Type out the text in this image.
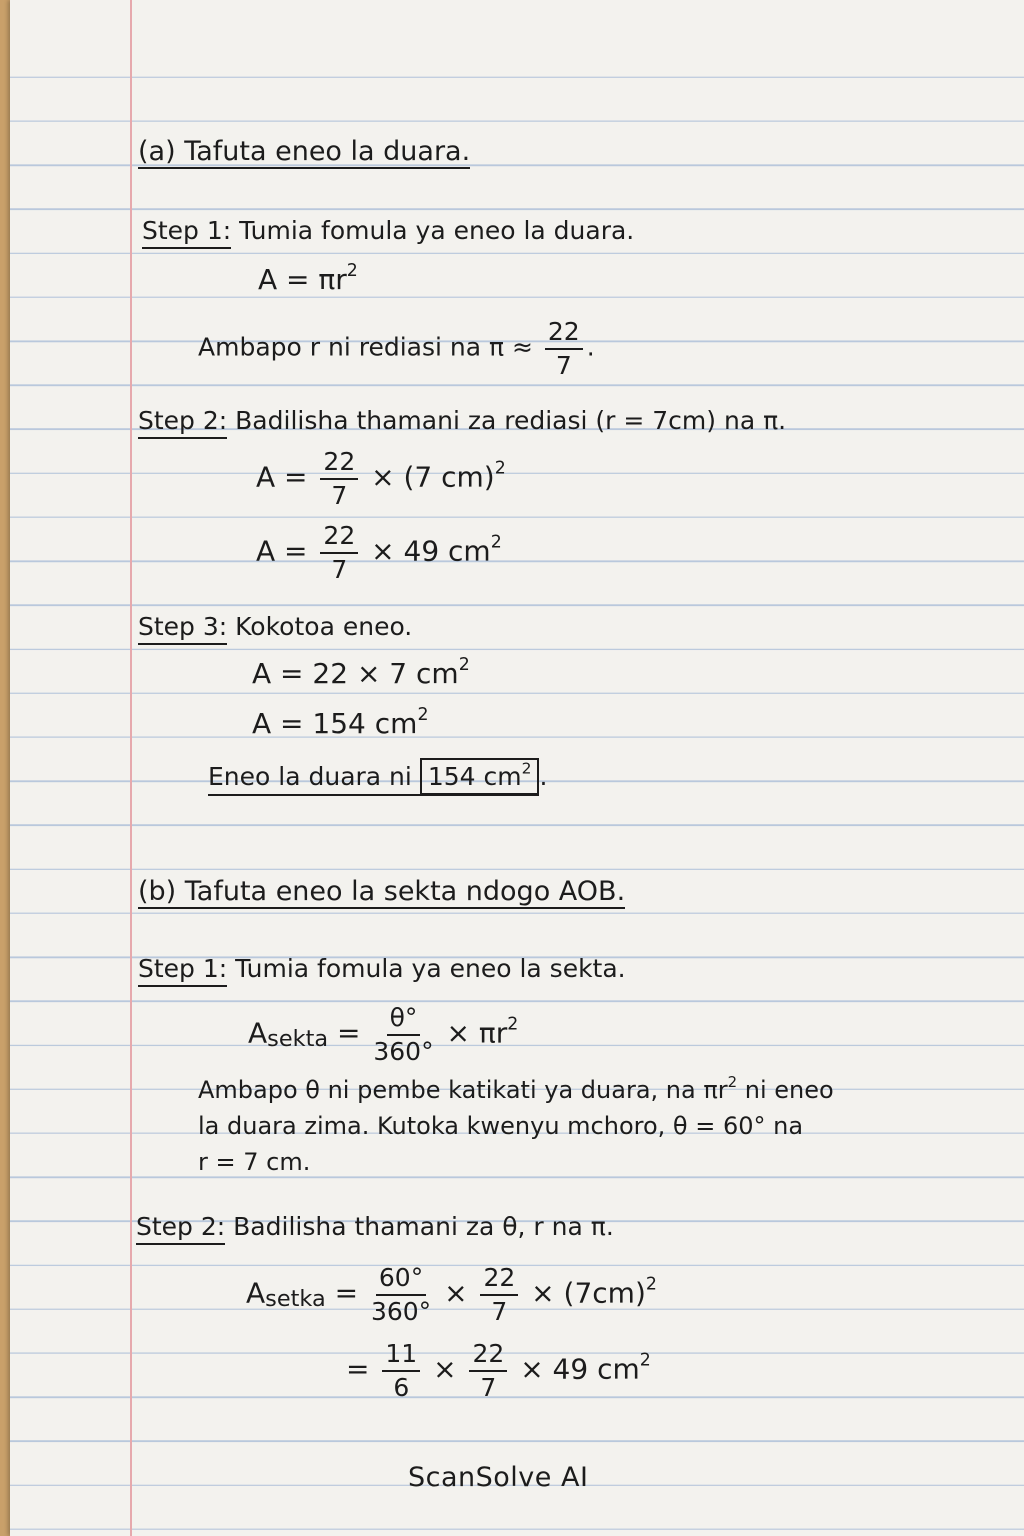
(a) Tafuta eneo la duara.
Step 1: Tumia fomula ya eneo la duara.
$A = \pi r^2$
Ambapo r ni rediasi na $\pi \approx \frac{22}{7}$ .
Step 2: Badilisha thamani za rediasi (r = 7cm) na π.
$A = \frac{22}{7} \times (7$ cm)$^2$
$A = \frac{22}{7} \times 49$ $cm^2$
Step 3: Kokotoa eneo.
A = 22 × 7 $cm^2$
A = 154 $cm^2$
Eneo la duara ni 154 $cm^2$ .
(b) Tafuta eneo la sekta ndogo AOB.
Step 1: Tumia fomula ya eneo la sekta.
$A_{sekta} = \frac{\theta^\circ}{360^\circ} \times \pi r^2$
Ambapo θ ni pembe katikati ya duara, na $\pi r^2$ ni eneo
la duara zima. Kutoka kwenyu mchoro, θ = 60° na
r = 7 cm.
Step 2: Badilisha thamani za θ, r na π.
$A_{setka} = \frac{60^\circ}{360^\circ} \times \frac{22}{7} \times (7cm)^2$
= $\frac{11}{6} \times \frac{22}{7} \times 49$ $cm^2$
ScanSolve AI
